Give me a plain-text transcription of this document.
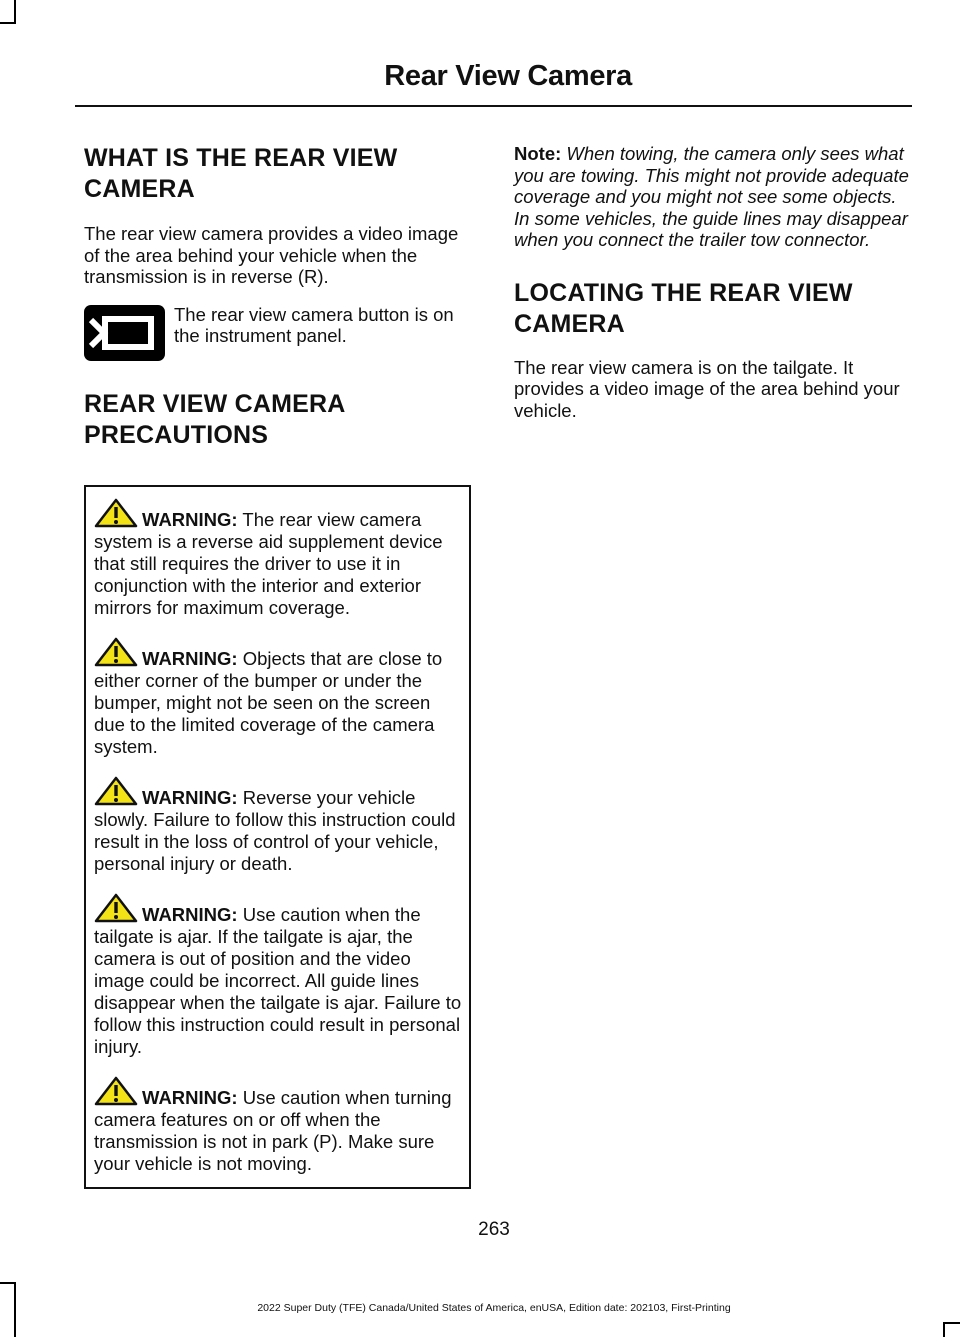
Rear View Camera
WHAT IS THE REAR VIEW CAMERA

The rear view camera provides a video image of the area behind your vehicle when the transmission is in reverse (R).

The rear view camera button is on the instrument panel.

REAR VIEW CAMERA PRECAUTIONS

WARNING: The rear view camera system is a reverse aid supplement device that still requires the driver to use it in conjunction with the interior and exterior mirrors for maximum coverage.

WARNING: Objects that are close to either corner of the bumper or under the bumper, might not be seen on the screen due to the limited coverage of the camera system.

WARNING: Reverse your vehicle slowly. Failure to follow this instruction could result in the loss of control of your vehicle, personal injury or death.

WARNING: Use caution when the tailgate is ajar. If the tailgate is ajar, the camera is out of position and the video image could be incorrect. All guide lines disappear when the tailgate is ajar. Failure to follow this instruction could result in personal injury.

WARNING: Use caution when turning camera features on or off when the transmission is not in park (P). Make sure your vehicle is not moving.

Note: When towing, the camera only sees what you are towing. This might not provide adequate coverage and you might not see some objects. In some vehicles, the guide lines may disappear when you connect the trailer tow connector.

LOCATING THE REAR VIEW CAMERA

The rear view camera is on the tailgate. It provides a video image of the area behind your vehicle.

263
2022 Super Duty (TFE) Canada/United States of America, enUSA, Edition date: 202103, First-Printing
